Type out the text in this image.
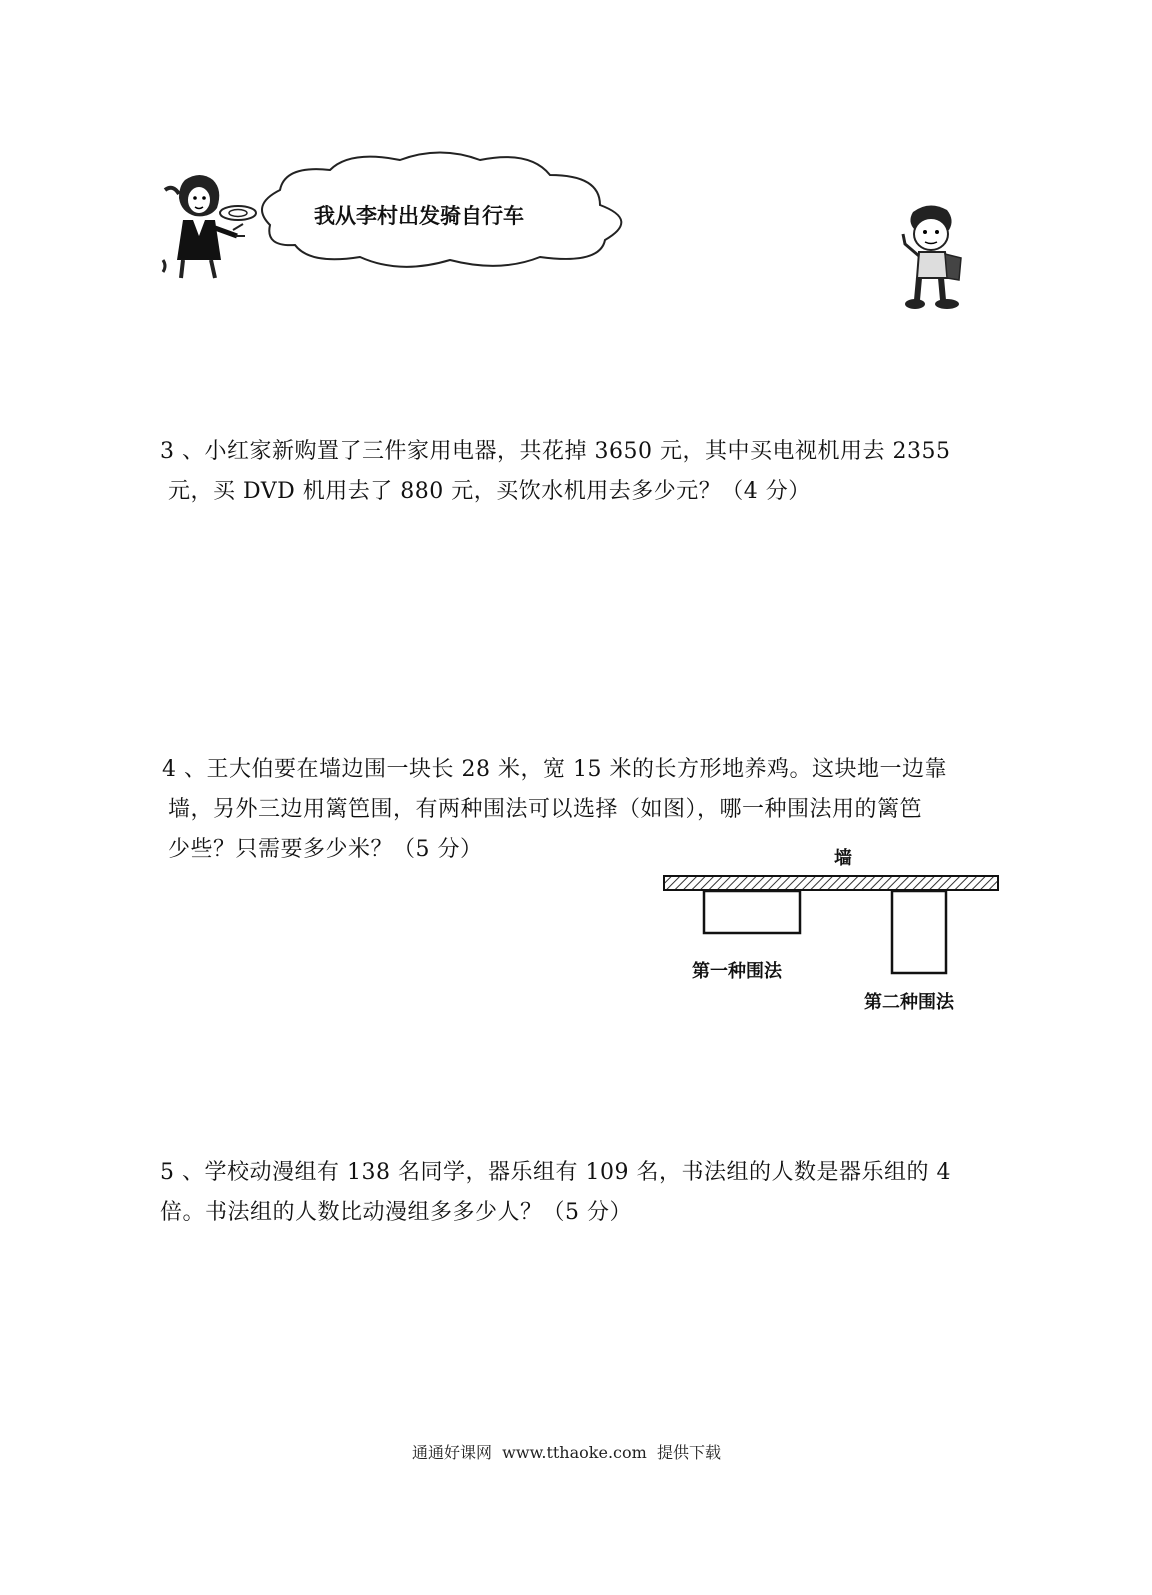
我从李村出发骑自行车
3 、小红家新购置了三件家用电器，共花掉 3650 元，其中买电视机用去 2355
元，买 DVD 机用去了 880 元，买饮水机用去多少元？（4 分）
4 、王大伯要在墙边围一块长 28 米，宽 15 米的长方形地养鸡。这块地一边靠
墙，另外三边用篱笆围，有两种围法可以选择（如图），哪一种围法用的篱笆
少些？只需要多少米？（5 分）	墙
第一种围法
第二种围法
5 、学校动漫组有 138 名同学，器乐组有 109 名，书法组的人数是器乐组的 4
倍。书法组的人数比动漫组多多少人？（5 分）
通通好课网  www.tthaoke.com  提供下载
